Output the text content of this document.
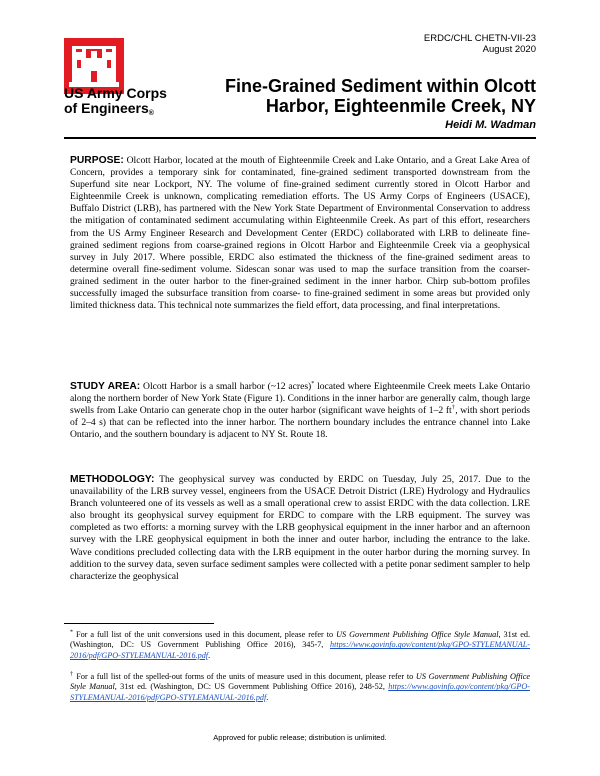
US Army Corps
of Engineers®
ERDC/CHL CHETN-VII-23
August 2020
Fine-Grained Sediment within Olcott Harbor, Eighteenmile Creek, NY
Heidi M. Wadman

PURPOSE: Olcott Harbor, located at the mouth of Eighteenmile Creek and Lake Ontario, and a Great Lake Area of Concern, provides a temporary sink for contaminated, fine-grained sediment transported downstream from the Superfund site near Lockport, NY. The volume of fine-grained sediment currently stored in Olcott Harbor and Eighteenmile Creek is unknown, complicating remediation efforts. The US Army Corps of Engineers (USACE), Buffalo District (LRB), has partnered with the New York State Department of Environmental Conservation to address the mitigation of contaminated sediment accumulating within Eighteenmile Creek. As part of this effort, researchers from the US Army Engineer Research and Development Center (ERDC) collaborated with LRB to delineate fine-grained sediment regions from coarse-grained regions in Olcott Harbor and Eighteenmile Creek via a geophysical survey in July 2017. Where possible, ERDC also estimated the thickness of the fine-grained sediment areas to determine overall fine-sediment volume. Sidescan sonar was used to map the surface transition from the coarser-grained sediment in the outer harbor to the finer-grained sediment in the inner harbor. Chirp sub-bottom profiles successfully imaged the subsurface transition from coarse- to fine-grained sediment in some areas but provided only limited thickness data. This technical note summarizes the field effort, data processing, and final interpretations.

STUDY AREA: Olcott Harbor is a small harbor (~12 acres)* located where Eighteenmile Creek meets Lake Ontario along the northern border of New York State (Figure 1). Conditions in the inner harbor are generally calm, though large swells from Lake Ontario can generate chop in the outer harbor (significant wave heights of 1–2 ft†, with short periods of 2–4 s) that can be reflected into the inner harbor. The northern boundary includes the entrance channel into Lake Ontario, and the southern boundary is adjacent to NY St. Route 18.

METHODOLOGY: The geophysical survey was conducted by ERDC on Tuesday, July 25, 2017. Due to the unavailability of the LRB survey vessel, engineers from the USACE Detroit District (LRE) Hydrology and Hydraulics Branch volunteered one of its vessels as well as a small operational crew to assist ERDC with the data collection. LRE also brought its geophysical survey equipment for ERDC to compare with the LRB equipment. The survey was completed as two efforts: a morning survey with the LRB geophysical equipment in the inner harbor and an afternoon survey with the LRE geophysical equipment in both the inner and outer harbor, including the entrance to the lake. Wave conditions precluded collecting data with the LRB equipment in the outer harbor during the morning survey. In addition to the survey data, seven surface sediment samples were collected with a petite ponar sediment sampler to help characterize the geophysical

* For a full list of the unit conversions used in this document, please refer to US Government Publishing Office Style Manual, 31st ed. (Washington, DC: US Government Publishing Office 2016), 345-7, https://www.govinfo.gov/content/pkg/GPO-STYLEMANUAL-2016/pdf/GPO-STYLEMANUAL-2016.pdf.

† For a full list of the spelled-out forms of the units of measure used in this document, please refer to US Government Publishing Office Style Manual, 31st ed. (Washington, DC: US Government Publishing Office 2016), 248-52, https://www.govinfo.gov/content/pkg/GPO-STYLEMANUAL-2016/pdf/GPO-STYLEMANUAL-2016.pdf.

Approved for public release; distribution is unlimited.
